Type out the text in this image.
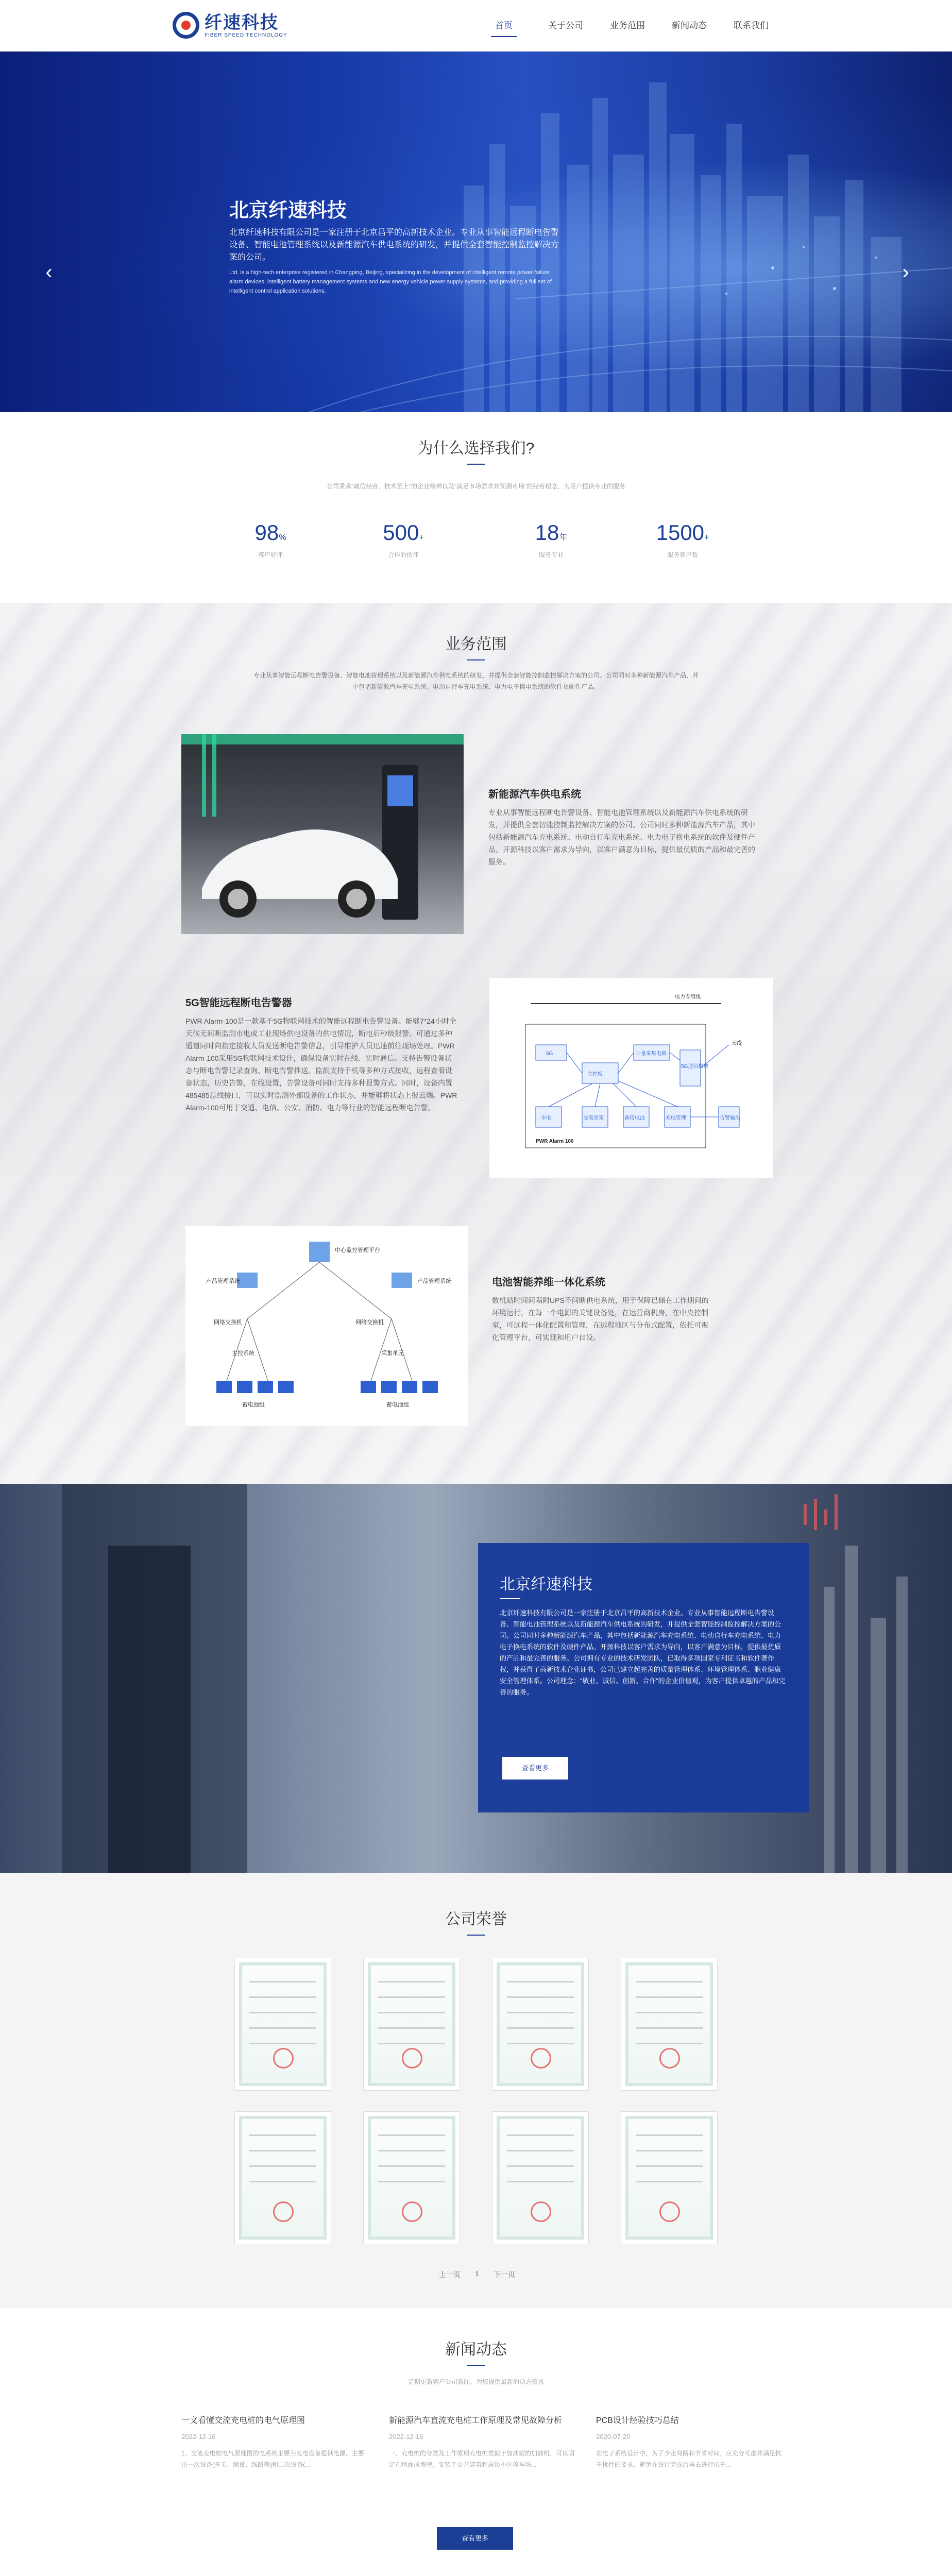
纤速科技
FIBER SPEED TECHNOLOGY
首页	关于公司	业务范围	新闻动态	联系我们
北京纤速科技
北京纤速科技有限公司是一家注册于北京昌平的高新技术企业。专业从事智能远程断电告警设备、智能电池管理系统以及新能源汽车供电系统的研发，并提供全套智能控制监控解决方案的公司。
Ltd. is a high-tech enterprise registered in Changping, Beijing, specializing in the development of intelligent remote power failure alarm devices, intelligent battery management systems and new energy vehicle power supply systems, and providing a full set of intelligent control application solutions.
‹	›
为什么选择我们?
公司秉承“诚信经营、技术至上”的企业精神以及“满足市场需求并预测市场”的经营理念，为用户提供专业的服务
98%
客户好评
500+
合作的伙伴
18年
服务专业
1500+
服务客户数
业务范围
专业从事智能远程断电告警设备、智能电池管理系统以及新能源汽车供电系统的研发，并提供全套智能控制监控解决方案的公司。公司同时多种新能源汽车产品，并中包括新能源汽车充电系统、电动自行车充电系统、电力电子换电系统的软件及硬件产品。
新能源汽车供电系统
专业从事智能远程断电告警设备、智能电池管理系统以及新能源汽车供电系统的研发，并提供全套智能控制监控解决方案的公司。公司同时多种新能源汽车产品，其中包括新能源汽车充电系统、电动自行车充电系统、电力电子换电系统的软件及硬件产品。开源科技以客户需求为导向，以客户满意为目标，提供最优质的产品和最完善的服务。
5G智能远程断电告警器
PWR Alarm-100是一款基于5G物联网技术的智能远程断电告警设备。能够7*24小时全天候无间断监测市电或工业现场供电设备的供电情况，断电后秒级报警。可通过多种通道同时向指定接收人员发送断电告警信息，引导维护人员迅速前往现场处理。PWR Alarm-100采用5G物联网技术设计，确保设备实时在线、实时通信。支持告警设备状态与断电告警记录查询、断电告警推送。监测支持手机等多种方式接收，远程查看设备状态，历史告警，在线设置，告警设备可同时支持多种报警方式。同时，设备内置485485总线接口，可以实时监测外部设备的工作状态，并能够将状态上报云端。PWR Alarm-100可用于交通、电信、公安、消防、电力等行业的智能远程断电告警。
电力专用线
5G
主控板
计量采集电路
5G通信模块
市电	交流采集	备用电池	充电管理	告警输出
天线
PWR Alarm 100
中心监控管理平台
产品管理系统	产品管理系统
网络交换机	网络交换机
主控系统	采集单元
蓄电池组	蓄电池组
电池智能养维一体化系统
数机站时间间隔附UPS不间断供电系统，用于保障已储在工作期间的环境运行，在每一个电源的关键设备处，在运营商机房，在中央控制室，可远程一体化配置和管理，在远程地区与分布式配置，依托可视化管理平台，可实现和用户自设。
北京纤速科技
北京纤速科技有限公司是一家注册于北京昌平的高新技术企业。专业从事智能远程断电告警设备、智能电池管理系统以及新能源汽车供电系统的研发，并提供全套智能控制监控解决方案的公司。公司同时多种新能源汽车产品，其中包括新能源汽车充电系统、电动自行车充电系统、电力电子换电系统的软件及硬件产品。开源科技以客户需求为导向，以客户满意为目标，提供最优质的产品和最完善的服务。公司拥有专业的技术研发团队，已取得多项国家专利证书和软件著作权，并获得了高新技术企业证书，公司已建立起完善的质量管理体系、环境管理体系、职业健康安全管理体系。公司理念：“敬业、诚信、创新、合作”的企业价值观，为客户提供卓越的产品和完善的服务。
查看更多
公司荣誉
上一页 1 下一页
新闻动态
定期更新客户公司新闻、为您提供最新的动态资讯
一文看懂交流充电桩的电气原理图
2022-12-16
1、交流充电桩电气原理图的电系统主要为充电设备提供电源，主要由一次设备(开关、测量、线路等)和二次设备(...
新能源汽车直流充电桩工作原理及常见故障分析
2022-12-16
一、充电桩的分类及工作原理充电桩类似于加油站的加油机，可以固定在地面或墙壁，安装于公共建筑和居民小区停车场...
PCB设计经验技巧总结
2020-07-20
在电子系统设计中，为了少走弯路和节省时间，应充分考虑并满足抗干扰性的要求，避免在设计完成后再去进行抗干...
查看更多
